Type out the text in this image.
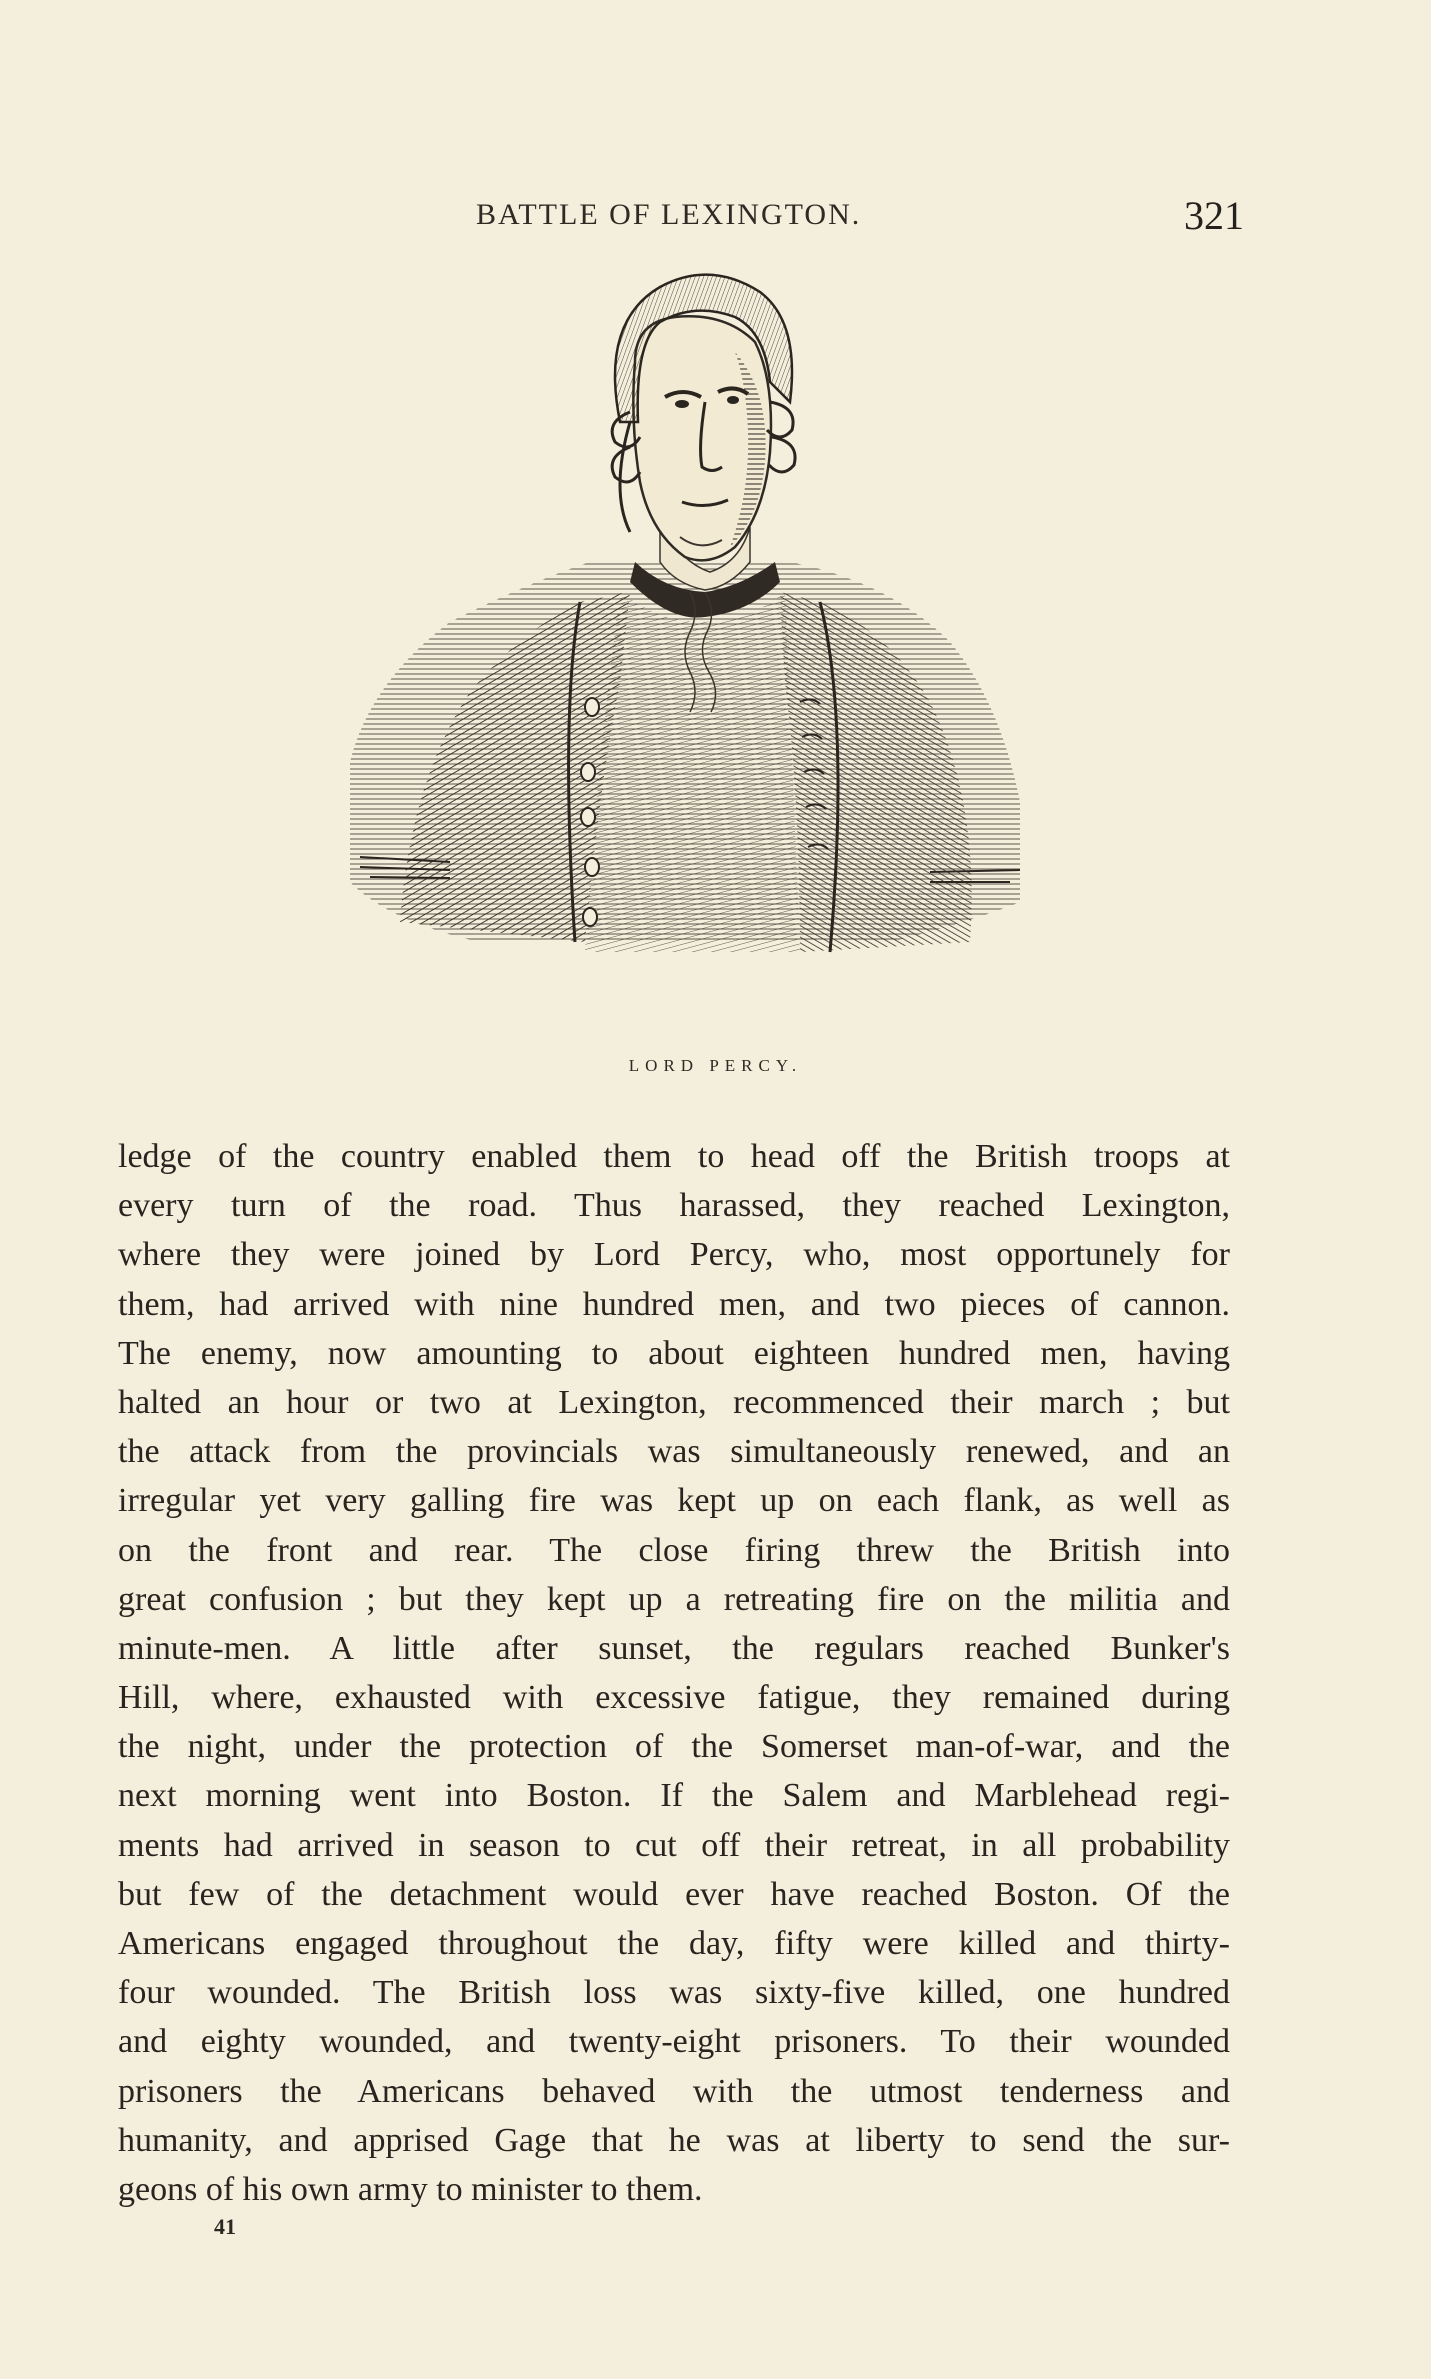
BATTLE OF LEXINGTON.	321
LORD PERCY.
ledge of the country enabled them to head off the British troops at
every turn of the road. Thus harassed, they reached Lexington,
where they were joined by Lord Percy, who, most opportunely for
them, had arrived with nine hundred men, and two pieces of cannon.
The enemy, now amounting to about eighteen hundred men, having
halted an hour or two at Lexington, recommenced their march ; but
the attack from the provincials was simultaneously renewed, and an
irregular yet very galling fire was kept up on each flank, as well as
on the front and rear. The close firing threw the British into
great confusion ; but they kept up a retreating fire on the militia and
minute-men. A little after sunset, the regulars reached Bunker's
Hill, where, exhausted with excessive fatigue, they remained during
the night, under the protection of the Somerset man-of-war, and the
next morning went into Boston. If the Salem and Marblehead regi-
ments had arrived in season to cut off their retreat, in all probability
but few of the detachment would ever have reached Boston. Of the
Americans engaged throughout the day, fifty were killed and thirty-
four wounded. The British loss was sixty-five killed, one hundred
and eighty wounded, and twenty-eight prisoners. To their wounded
prisoners the Americans behaved with the utmost tenderness and
humanity, and apprised Gage that he was at liberty to send the sur-
geons of his own army to minister to them.
41
